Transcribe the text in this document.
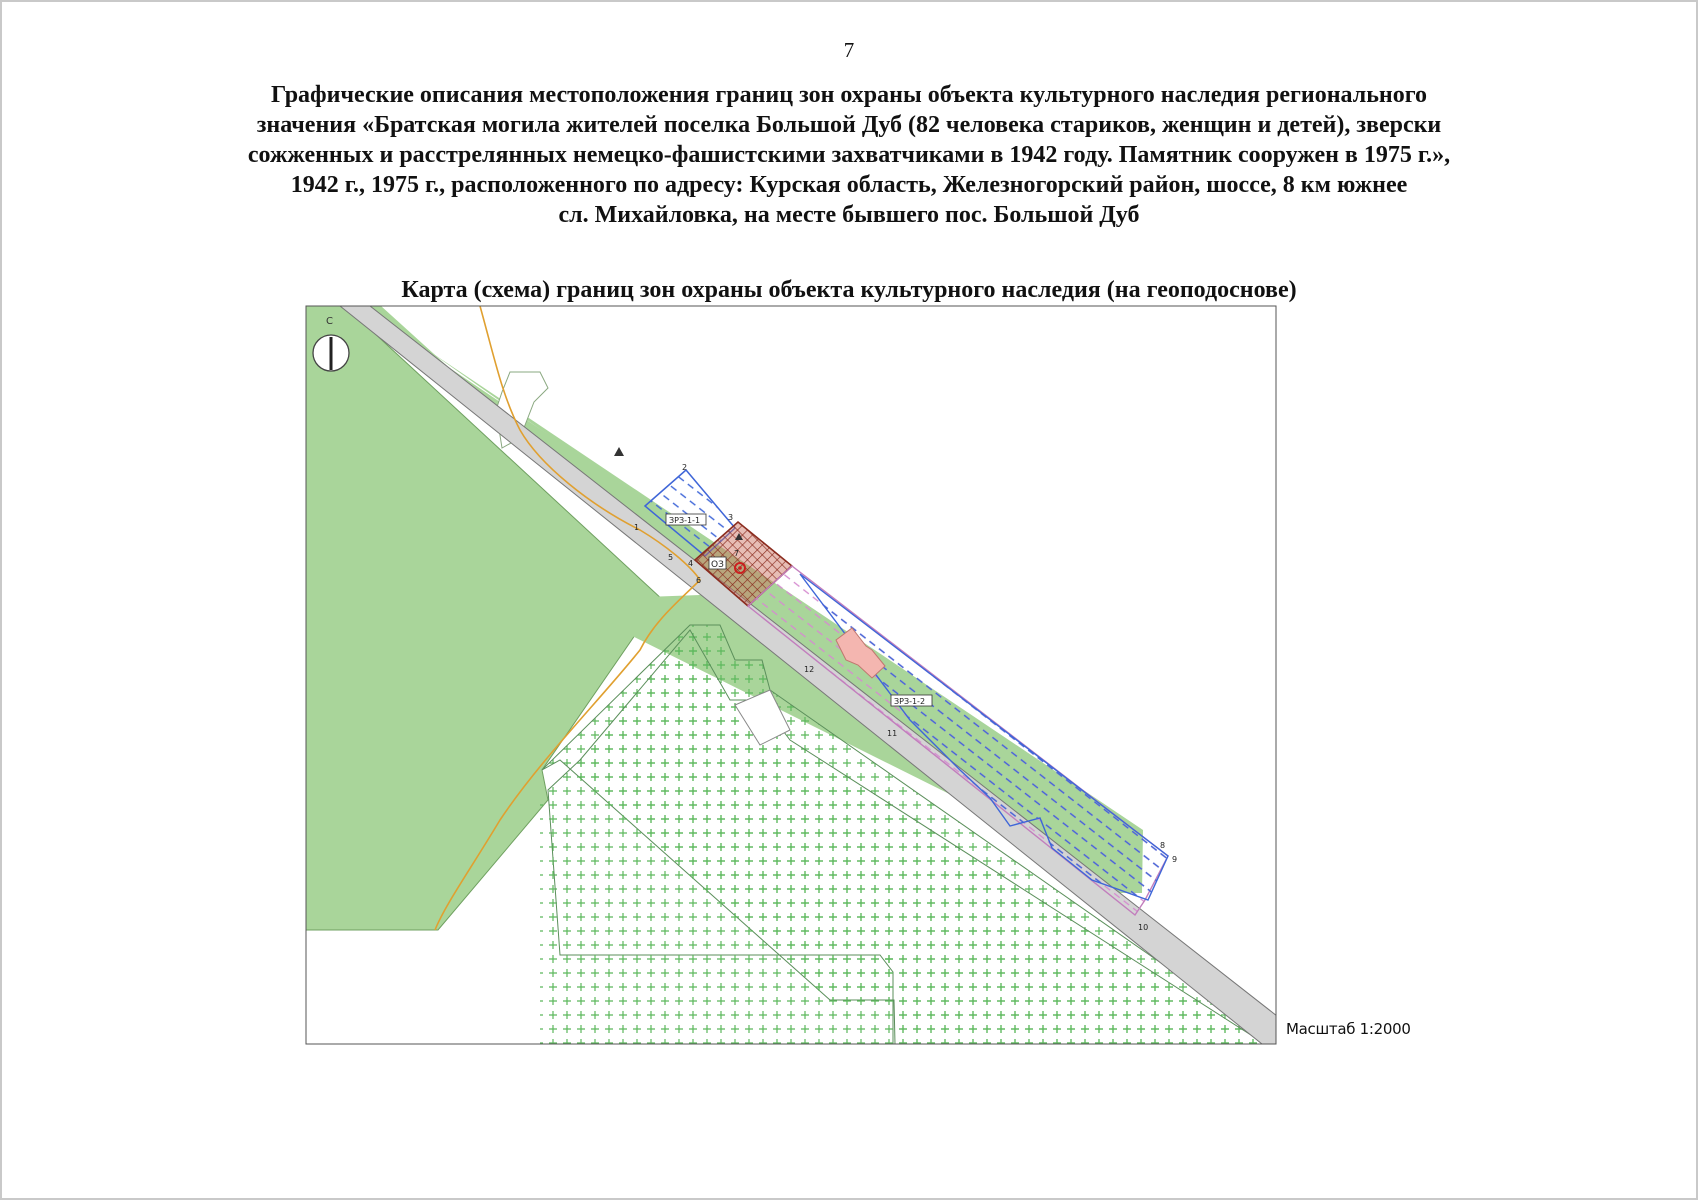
7
Графические описания местоположения границ зон охраны объекта культурного наследия регионального
значения «Братская могила жителей поселка Большой Дуб (82 человека стариков, женщин и детей), зверски
сожженных и расстрелянных немецко-фашистскими захватчиками в 1942 году. Памятник сооружен в 1975 г.»,
1942 г., 1975 г., расположенного по адресу: Курская область, Железногорский район, шоссе, 8 км южнее
сл. Михайловка, на месте бывшего пос. Большой Дуб
Карта (схема) границ зон охраны объекта культурного наследия (на геоподоснове)
С
ЗРЗ-1-1
ОЗ
ЗРЗ-1-2
1
2
3
4
5
6
7
8
9
10
11
12
Масштаб 1:2000
